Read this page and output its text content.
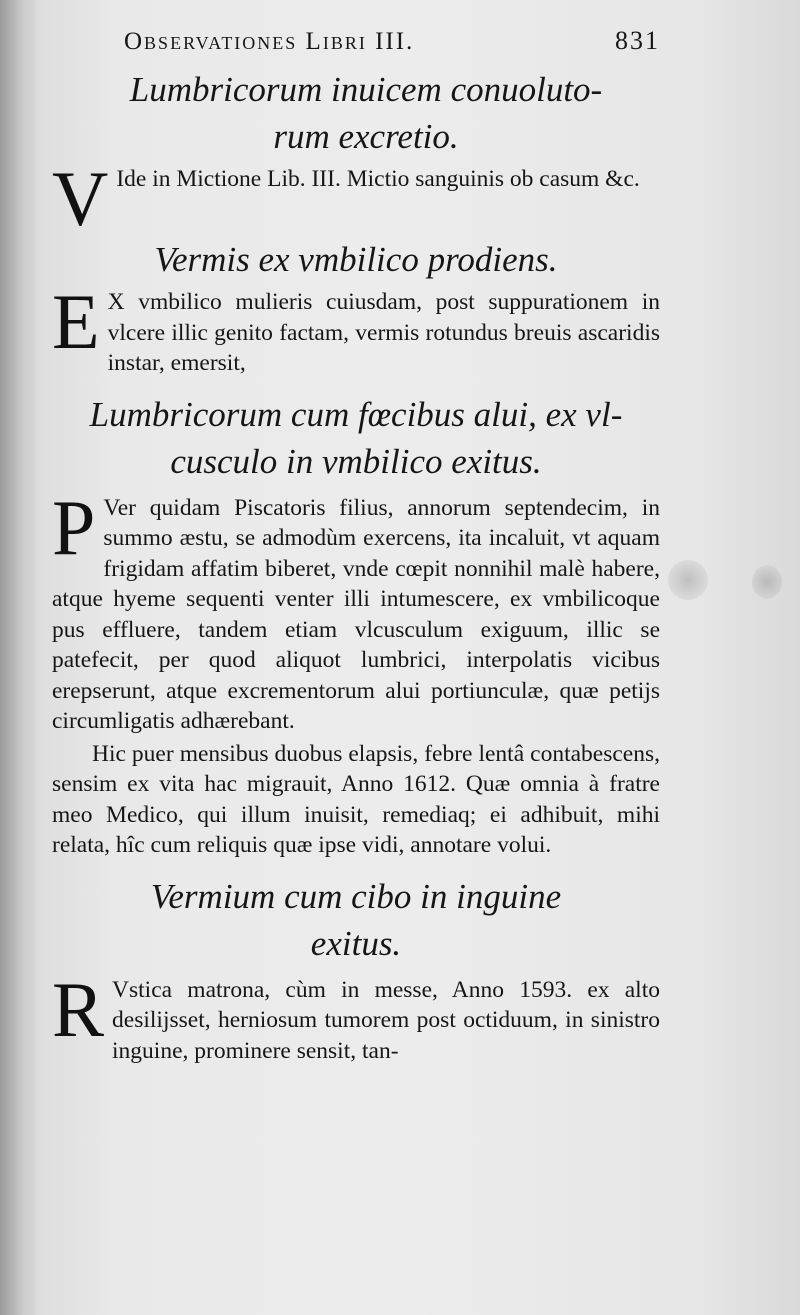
Observationes Libri III.	831

Lumbricorum inuicem conuoluto-
rum excretio.

V Ide in Mictione Lib. III. Mictio sanguinis ob casum &c.

Vermis ex vmbilico prodiens.

E X vmbilico mulieris cuiusdam, post suppurationem in vlcere illic genito factam, vermis rotundus breuis ascaridis instar, emersit,

Lumbricorum cum fœcibus alui, ex vl-
cusculo in vmbilico exitus.

P Ver quidam Piscatoris filius, annorum septendecim, in summo æstu, se admodùm exercens, ita incaluit, vt aquam frigidam affatim biberet, vnde cœpit nonnihil malè habere, atque hyeme sequenti venter illi intumescere, ex vmbilicoque pus effluere, tandem etiam vlcusculum exiguum, illic se patefecit, per quod aliquot lumbrici, interpolatis vicibus erepserunt, atque excrementorum alui portiunculæ, quæ petijs circumligatis adhærebant.

Hic puer mensibus duobus elapsis, febre lentâ contabescens, sensim ex vita hac migrauit, Anno 1612. Quæ omnia à fratre meo Medico, qui illum inuisit, remediaq; ei adhibuit, mihi relata, hîc cum reliquis quæ ipse vidi, annotare volui.

Vermium cum cibo in inguine
exitus.

R Vstica matrona, cùm in messe, Anno 1593. ex alto desilijsset, herniosum tumorem post octiduum, in sinistro inguine, prominere sensit, tan-
